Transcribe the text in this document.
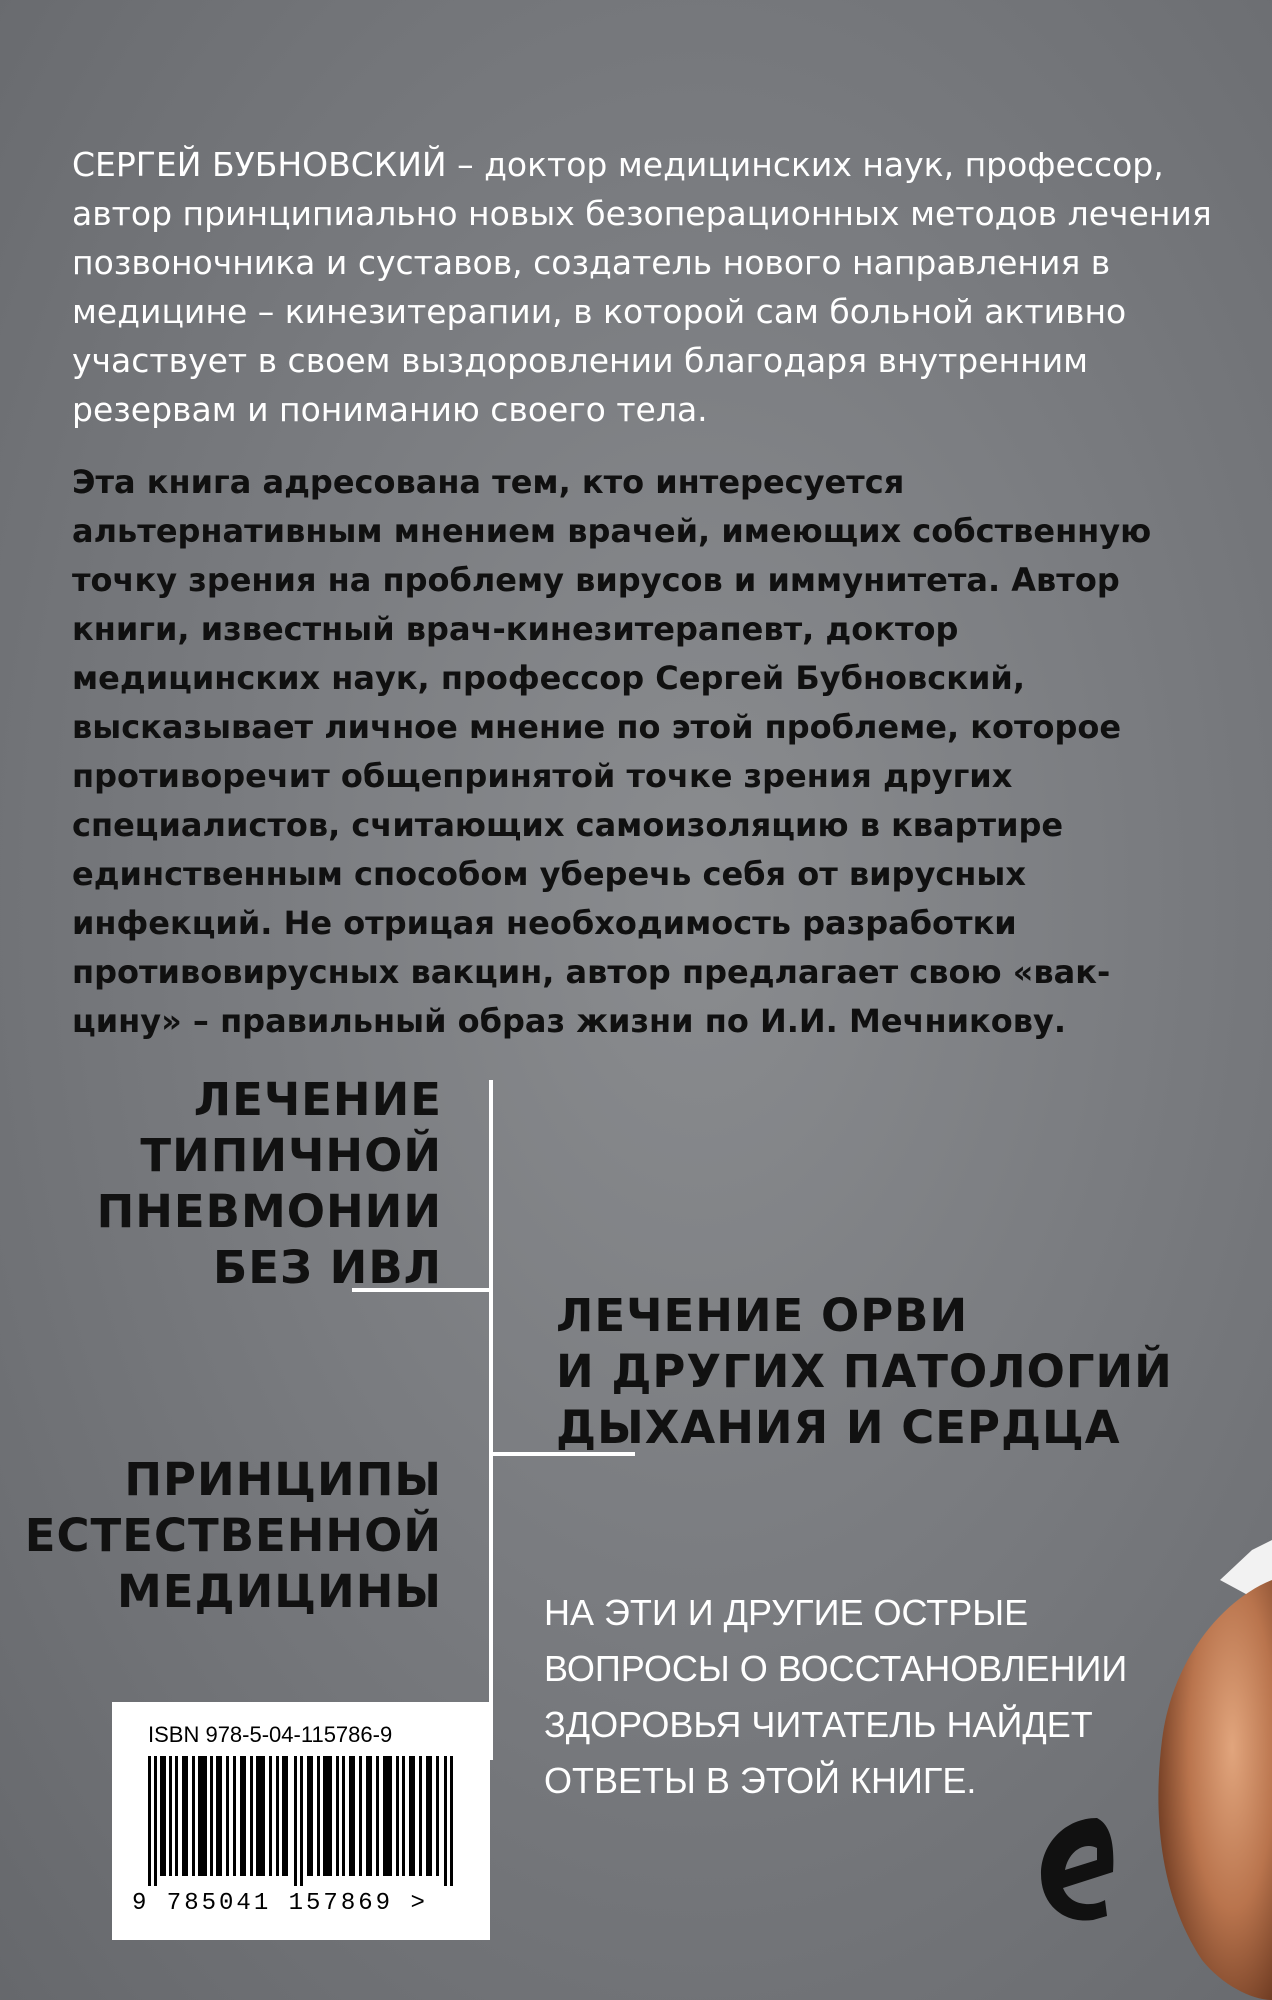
СЕРГЕЙ БУБНОВСКИЙ – доктор медицинских наук, профессор, автор принципиально новых безоперационных методов лечения позвоночника и суставов, создатель нового направления в медицине – кинезитерапии, в которой сам больной активно участвует в своем выздоровлении благодаря внутренним резервам и пониманию своего тела.

Эта книга адресована тем, кто интересуется альтернативным мнением врачей, имеющих собственную точку зрения на проблему вирусов и иммунитета. Автор книги, известный врач-кинезитерапевт, доктор медицинских наук, профессор Сергей Бубновский, высказывает личное мнение по этой проблеме, которое противоречит общепринятой точке зрения других специалистов, считающих самоизоляцию в квартире единственным способом уберечь себя от вирусных инфекций. Не отрицая необходимость разработки противовирусных вакцин, автор предлагает свою «вак-цину» – правильный образ жизни по И.И. Мечникову.

ЛЕЧЕНИЕ
ТИПИЧНОЙ
ПНЕВМОНИИ
БЕЗ ИВЛ

ЛЕЧЕНИЕ ОРВИ
И ДРУГИХ ПАТОЛОГИЙ
ДЫХАНИЯ И СЕРДЦА

ПРИНЦИПЫ
ЕСТЕСТВЕННОЙ
МЕДИЦИНЫ	НА ЭТИ И ДРУГИЕ ОСТРЫЕ
ВОПРОСЫ О ВОССТАНОВЛЕНИИ
ЗДОРОВЬЯ ЧИТАТЕЛЬ НАЙДЕТ
ОТВЕТЫ В ЭТОЙ КНИГЕ.

ISBN 978-5-04-115786-9
9 785041 157869 >
